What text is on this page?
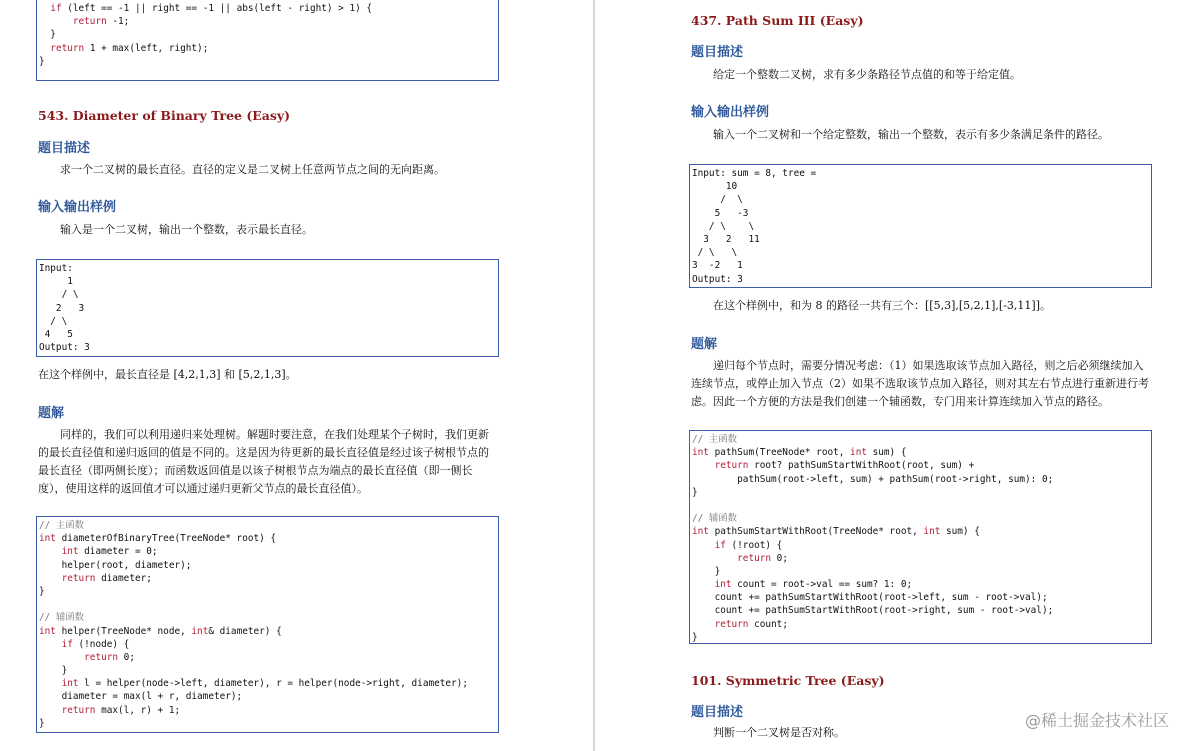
if (left == -1 || right == -1 || abs(left - right) > 1) {
return -1;
}
return 1 + max(left, right);
}
543. Diameter of Binary Tree (Easy)
题目描述
求一个二叉树的最长直径。直径的定义是二叉树上任意两节点之间的无向距离。
输入输出样例
输入是一个二叉树，输出一个整数，表示最长直径。
Input:
1
/ \
2   3
/ \
4   5
Output: 3
在这个样例中，最长直径是 [4,2,1,3] 和 [5,2,1,3]。
题解
同样的，我们可以利用递归来处理树。解题时要注意，在我们处理某个子树时，我们更新的最长直径值和递归返回的值是不同的。这是因为待更新的最长直径值是经过该子树根节点的最长直径（即两侧长度）；而函数返回值是以该子树根节点为端点的最长直径值（即一侧长度），使用这样的返回值才可以通过递归更新父节点的最长直径值）。
// 主函数
int diameterOfBinaryTree(TreeNode* root) {
int diameter = 0;
helper(root, diameter);
return diameter;
}

// 辅函数
int helper(TreeNode* node, int& diameter) {
if (!node) {
return 0;
}
int l = helper(node->left, diameter), r = helper(node->right, diameter);
diameter = max(l + r, diameter);
return max(l, r) + 1;
}
437. Path Sum III (Easy)
题目描述
给定一个整数二叉树，求有多少条路径节点值的和等于给定值。
输入输出样例
输入一个二叉树和一个给定整数，输出一个整数，表示有多少条满足条件的路径。
Input: sum = 8, tree =
10
/  \
5   -3
/ \    \
3   2   11
/ \   \
3  -2   1
Output: 3
在这个样例中，和为 8 的路径一共有三个：[[5,3],[5,2,1],[-3,11]]。
题解
递归每个节点时，需要分情况考虑：（1）如果选取该节点加入路径，则之后必须继续加入连续节点，或停止加入节点（2）如果不选取该节点加入路径，则对其左右节点进行重新进行考虑。因此一个方便的方法是我们创建一个辅函数，专门用来计算连续加入节点的路径。
// 主函数
int pathSum(TreeNode* root, int sum) {
return root? pathSumStartWithRoot(root, sum) +
pathSum(root->left, sum) + pathSum(root->right, sum): 0;
}

// 辅函数
int pathSumStartWithRoot(TreeNode* root, int sum) {
if (!root) {
return 0;
}
int count = root->val == sum? 1: 0;
count += pathSumStartWithRoot(root->left, sum - root->val);
count += pathSumStartWithRoot(root->right, sum - root->val);
return count;
}
101. Symmetric Tree (Easy)
题目描述
判断一个二叉树是否对称。
@稀土掘金技术社区
